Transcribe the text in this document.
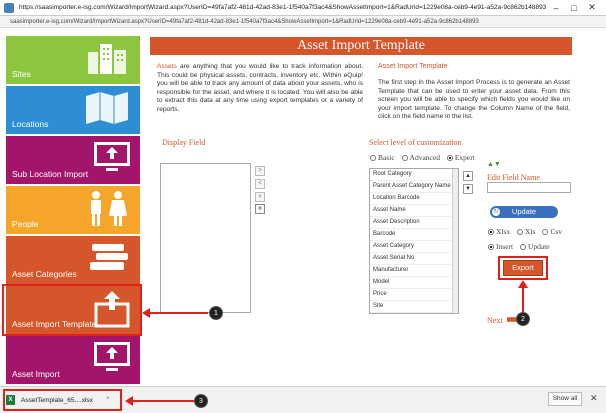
https://saasimporter.e-isg.com/Wizard/ImportWizard.aspx?UserID=49fa7af2-481d-42ad-83e1-1f540a7f3ac4&ShowAssetImport=1&RadUrid=1229e08a-ceb9-4e91-a52a-9c862b148893 –	□	✕
saasimporter.e-isg.com/Wizard/ImportWizard.aspx?UserID=49fa7af2-481d-42ad-83e1-1f540a7f3ac4&ShowAssetImport=1&RadUrid=1229e08a-ceb9-4e91-a52a-9c862b148893
Sites
Locations
Sub Location Import
People
Asset Categories
Asset Import Template
Asset Import
Asset Import Template
Assets are anything that you would like to track information about. This could be physical assets, contracts, inventory etc. Within eQuip! you will be able to track any amount of data about your assets, who is responsible for the asset, and where it is located. You will also be able to extract this data at any time using export templates or a variety of reports.
Asset Import Template
The first step in the Asset Import Process is to generate an Asset Template that can be used to enter your asset data. From this screen you will be able to specify which fields you would like on your import template. To change the Column Name of the field, click on the field name in the list.
Display Field
>
<
»
«
Select level of customization
Basic Advanced Expert
Root Category
Parent Asset Category Name
Location Barcode
Asset Name
Asset Description
Barcode
Asset Category
Asset Serial No
Manufacturer
Model
Price
Site
▲
▼
▲▼
Edit Field Name
↻ Update
Xlsx Xls Csv
Insert Update
Export
Next
1
2
X	AssetTemplate_65....xlsx ⌃	3	Show all	✕
